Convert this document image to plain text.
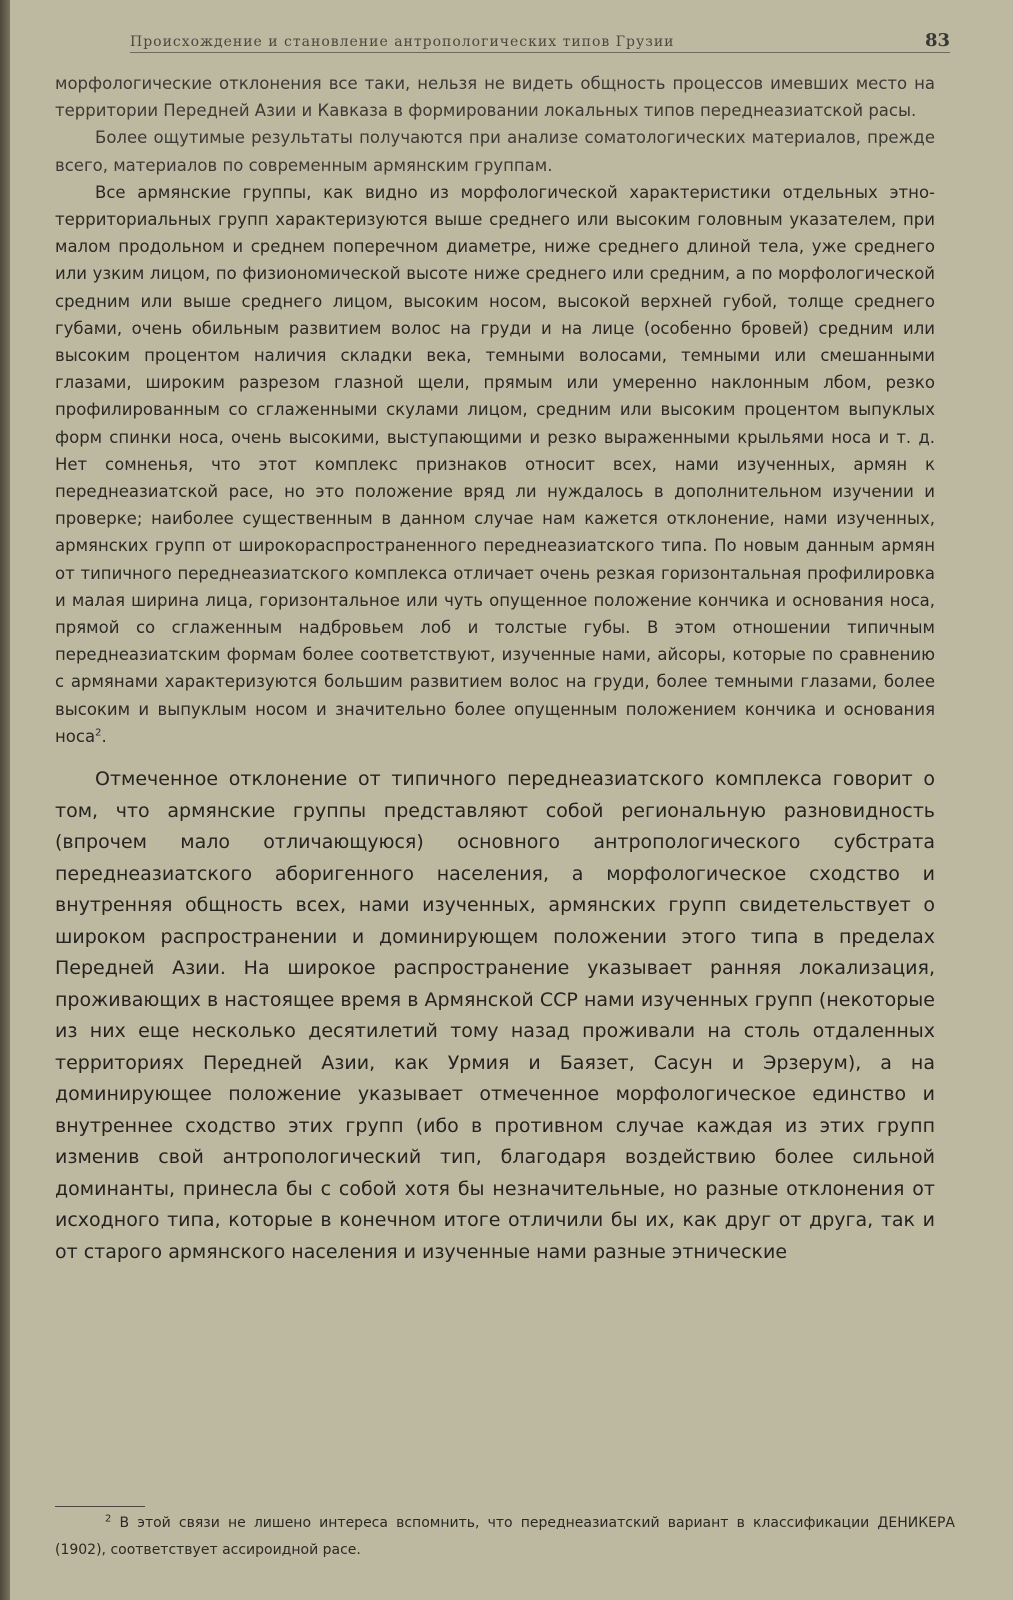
Происхождение и становление антропологических типов Грузии	83

морфологические отклонения все таки, нельзя не видеть общность процессов имевших место на территории Передней Азии и Кавказа в формировании локальных типов переднеазиатской расы.

Более ощутимые результаты получаются при анализе соматологических материалов, прежде всего, материалов по современным армянским группам.

Все армянские группы, как видно из морфологической характеристики отдельных этно-территориальных групп характеризуются выше среднего или высоким головным указателем, при малом продольном и среднем поперечном диаметре, ниже среднего длиной тела, уже среднего или узким лицом, по физиономической высоте ниже среднего или средним, а по морфологической средним или выше среднего лицом, высоким носом, высокой верхней губой, толще среднего губами, очень обильным развитием волос на груди и на лице (особенно бровей) средним или высоким процентом наличия складки века, темными волосами, темными или смешанными глазами, широким разрезом глазной щели, прямым или умеренно наклонным лбом, резко профилированным со сглаженными скулами лицом, средним или высоким процентом выпуклых форм спинки носа, очень высокими, выступающими и резко выраженными крыльями носа и т. д. Нет сомненья, что этот комплекс признаков относит всех, нами изученных, армян к переднеазиатской расе, но это положение вряд ли нуждалось в дополнительном изучении и проверке; наиболее существенным в данном случае нам кажется отклонение, нами изученных, армянских групп от широкораспространенного переднеазиатского типа. По новым данным армян от типичного переднеазиатского комплекса отличает очень резкая горизонтальная профилировка и малая ширина лица, горизонтальное или чуть опущенное положение кончика и основания носа, прямой со сглаженным надбровьем лоб и толстые губы. В этом отношении типичным переднеазиатским формам более соответствуют, изученные нами, айсоры, которые по сравнению с армянами характеризуются большим развитием волос на груди, более темными глазами, более высоким и выпуклым носом и значительно более опущенным положением кончика и основания носа$^2$.

Отмеченное отклонение от типичного переднеазиатского комплекса говорит о том, что армянские группы представляют собой региональную разновидность (впрочем мало отличающуюся) основного антропологического субстрата переднеазиатского аборигенного населения, а морфологическое сходство и внутренняя общность всех, нами изученных, армянских групп свидетельствует о широком распространении и доминирующем положении этого типа в пределах Передней Азии. На широкое распространение указывает ранняя локализация, проживающих в настоящее время в Армянской ССР нами изученных групп (некоторые из них еще несколько десятилетий тому назад проживали на столь отдаленных территориях Передней Азии, как Урмия и Баязет, Сасун и Эрзерум), а на доминирующее положение указывает отмеченное морфологическое единство и внутреннее сходство этих групп (ибо в противном случае каждая из этих групп изменив свой антропологический тип, благодаря воздействию более сильной доминанты, принесла бы с собой хотя бы незначительные, но разные отклонения от исходного типа, которые в конечном итоге отличили бы их, как друг от друга, так и от старого армянского населения и изученные нами разные этнические

$^2$ В этой связи не лишено интереса вспомнить, что переднеазиатский вариант в классификации ДЕНИКЕРА (1902), соответствует ассироидной расе.
